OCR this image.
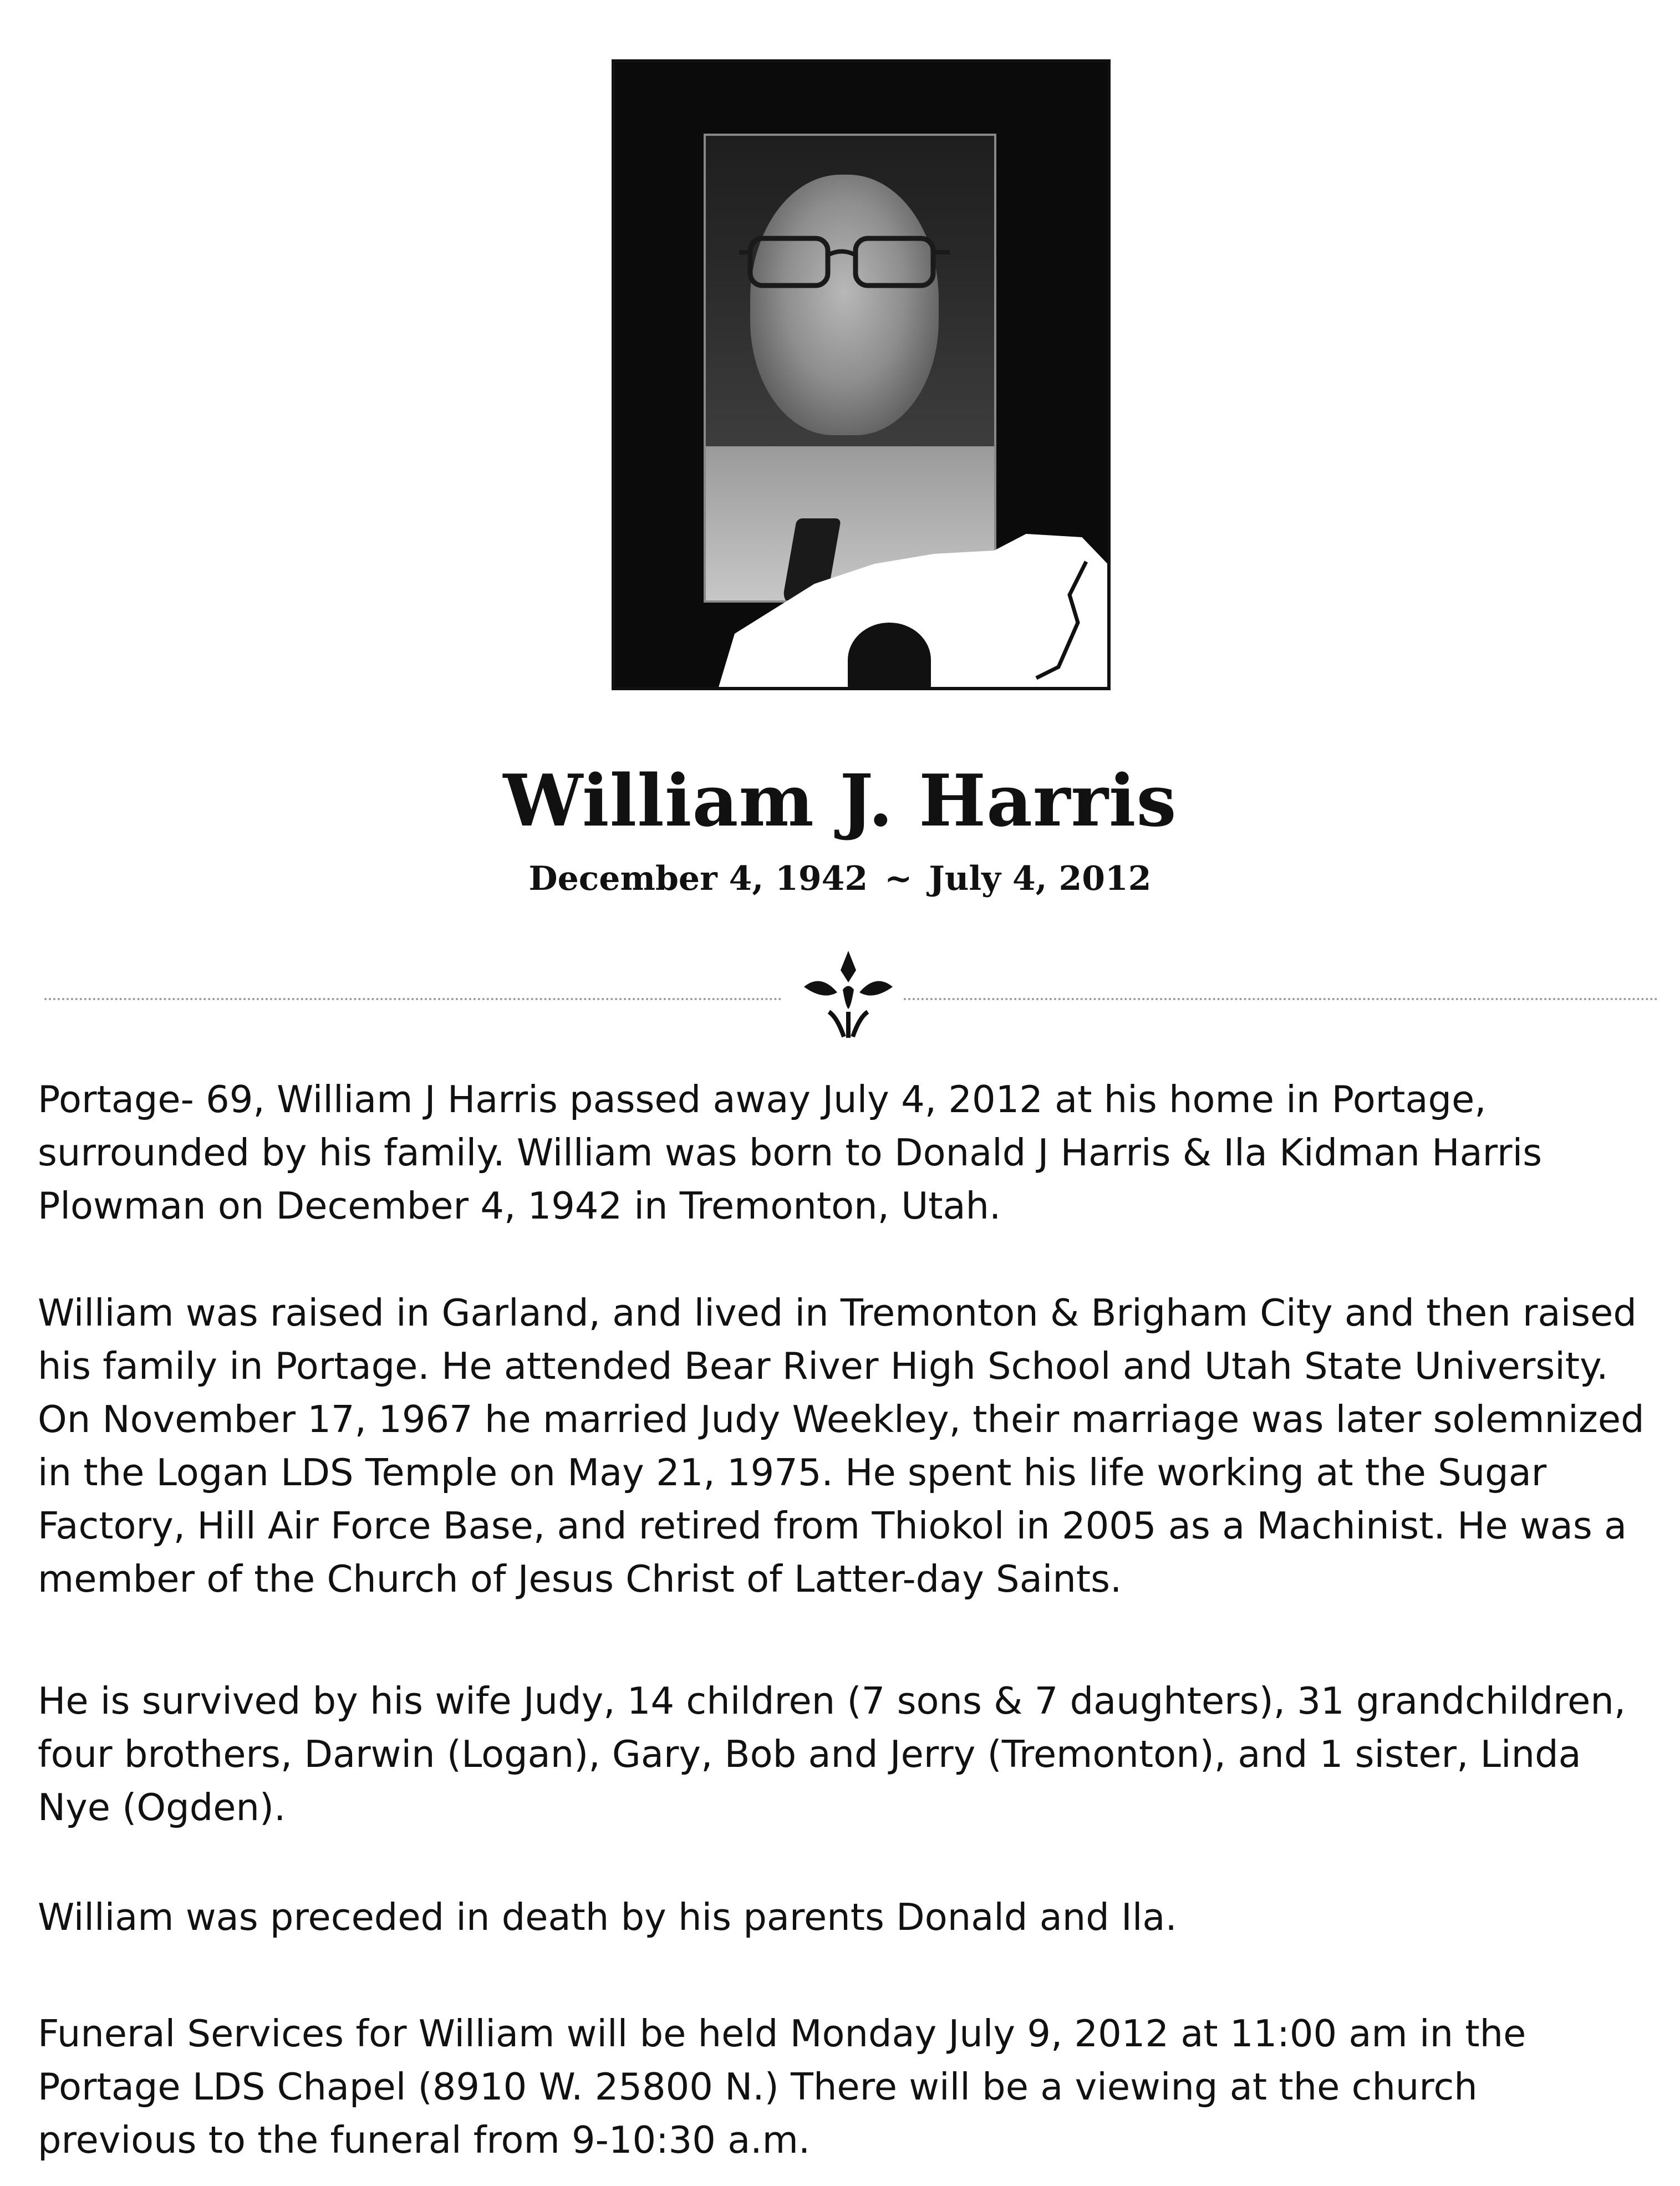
William J. Harris
December 4, 1942 ~ July 4, 2012

Portage- 69, William J Harris passed away July 4, 2012 at his home in Portage, surrounded by his family. William was born to Donald J Harris & Ila Kidman Harris Plowman on December 4, 1942 in Tremonton, Utah.

William was raised in Garland, and lived in Tremonton & Brigham City and then raised his family in Portage. He attended Bear River High School and Utah State University. On November 17, 1967 he married Judy Weekley, their marriage was later solemnized in the Logan LDS Temple on May 21, 1975. He spent his life working at the Sugar Factory, Hill Air Force Base, and retired from Thiokol in 2005 as a Machinist. He was a member of the Church of Jesus Christ of Latter-day Saints.

He is survived by his wife Judy, 14 children (7 sons & 7 daughters), 31 grandchildren, four brothers, Darwin (Logan), Gary, Bob and Jerry (Tremonton), and 1 sister, Linda Nye (Ogden).

William was preceded in death by his parents Donald and Ila.

Funeral Services for William will be held Monday July 9, 2012 at 11:00 am in the Portage LDS Chapel (8910 W. 25800 N.) There will be a viewing at the church previous to the funeral from 9-10:30 a.m.
